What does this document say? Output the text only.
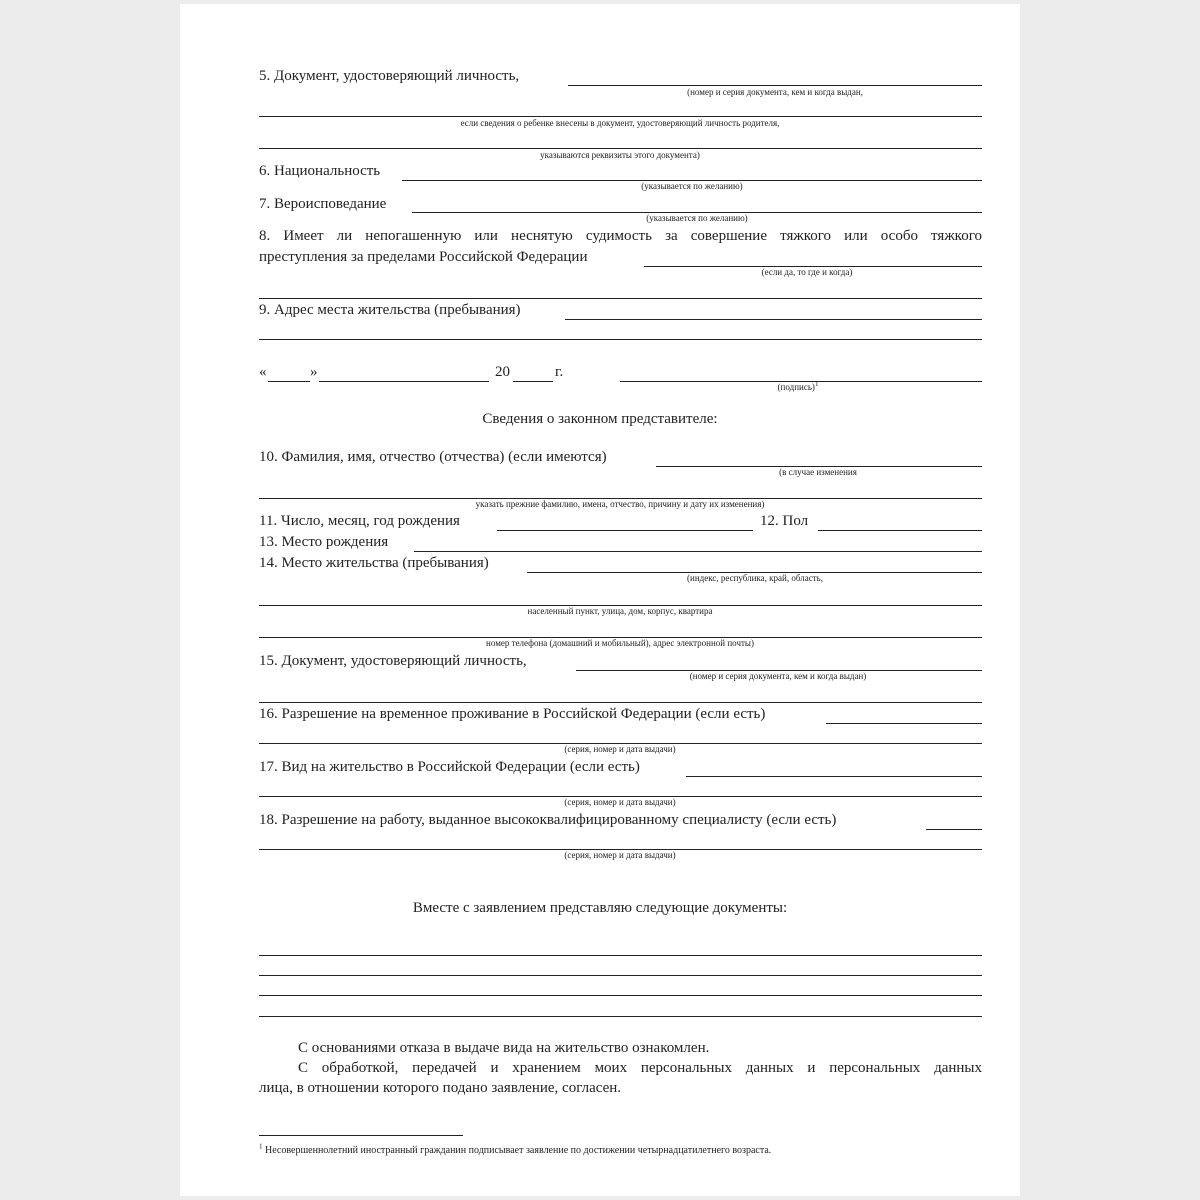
5. Документ, удостоверяющий личность,
(номер и серия документа, кем и когда выдан,
если сведения о ребенке внесены в документ, удостоверяющий личность родителя,
указываются реквизиты этого документа)
6. Национальность
(указывается по желанию)
7. Вероисповедание
(указывается по желанию)
8. Имеет ли непогашенную или неснятую судимость за совершение тяжкого или особо тяжкого
преступления за пределами Российской Федерации
(если да, то где и когда)
9. Адрес места жительства (пребывания)
«	»	20	г.
(подпись)$^1$
Сведения о законном представителе:
10. Фамилия, имя, отчество (отчества) (если имеются)
(в случае изменения
указать прежние фамилию, имена, отчество, причину и дату их изменения)
11. Число, месяц, год рождения	12. Пол
13. Место рождения
14. Место жительства (пребывания)
(индекс, республика, край, область,
населенный пункт, улица, дом, корпус, квартира
номер телефона (домашний и мобильный), адрес электронной почты)
15. Документ, удостоверяющий личность,
(номер и серия документа, кем и когда выдан)
16. Разрешение на временное проживание в Российской Федерации (если есть)
(серия, номер и дата выдачи)
17. Вид на жительство в Российской Федерации (если есть)
(серия, номер и дата выдачи)
18. Разрешение на работу, выданное высококвалифицированному специалисту (если есть)
(серия, номер и дата выдачи)
Вместе с заявлением представляю следующие документы:
С основаниями отказа в выдаче вида на жительство ознакомлен.
С обработкой, передачей и хранением моих персональных данных и персональных данных
лица, в отношении которого подано заявление, согласен.
$^1$ Несовершеннолетний иностранный гражданин подписывает заявление по достижении четырнадцатилетнего возраста.
